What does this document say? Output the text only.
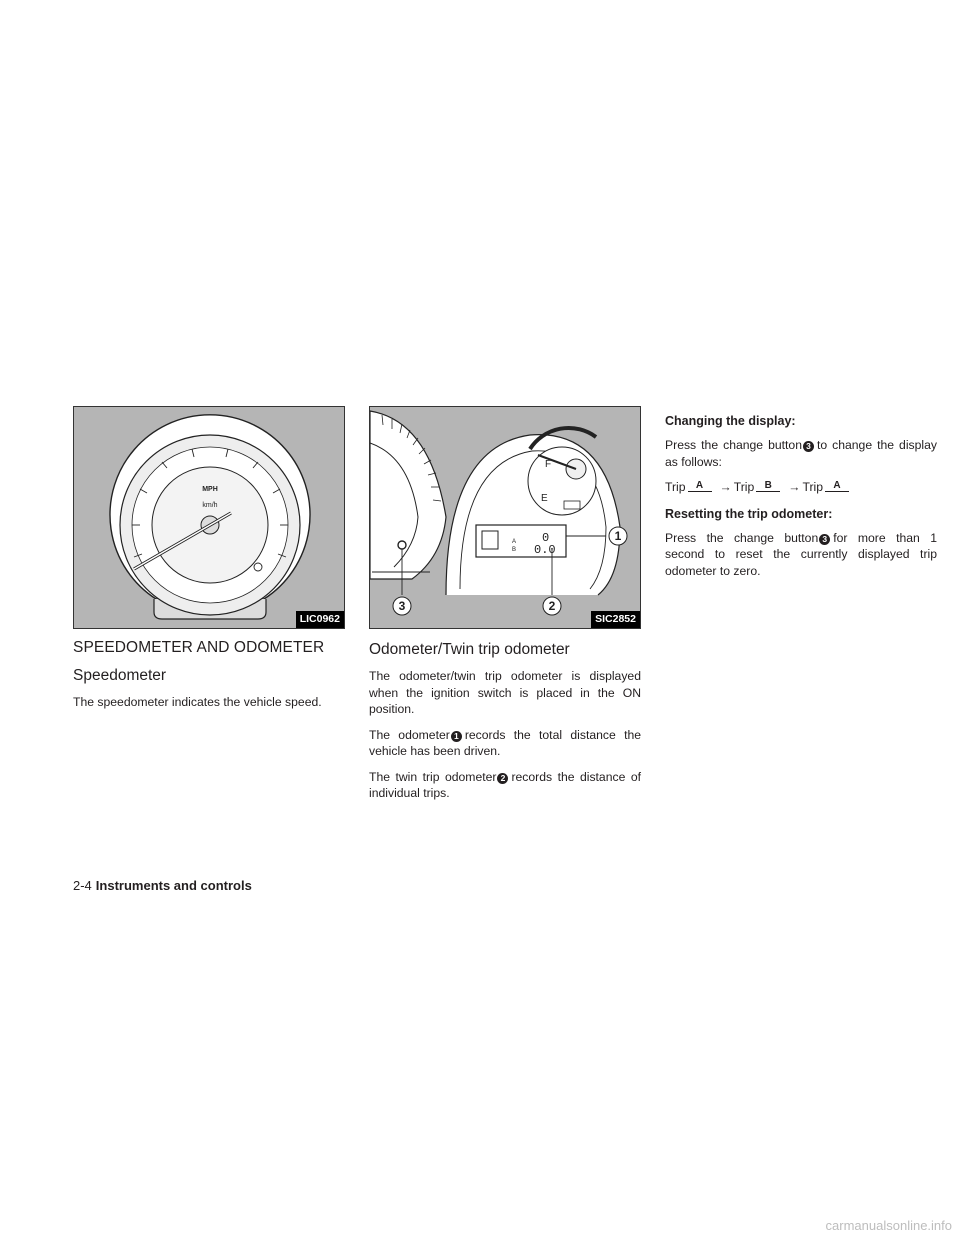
MPH
km/h
LIC0962
SPEEDOMETER AND ODOMETER
Speedometer

The speedometer indicates the vehicle speed.

F
E
A
B
0
0.0
1
2
3
SIC2852
Odometer/Twin trip odometer

The odometer/twin trip odometer is displayed when the ignition switch is placed in the ON position.

The odometer 1 records the total distance the vehicle has been driven.

The twin trip odometer 2 records the distance of individual trips.

Changing the display:

Press the change button 3 to change the display as follows:

Trip A → Trip B → Trip A

Resetting the trip odometer:

Press the change button 3 for more than 1 second to reset the currently displayed trip odometer to zero.

2-4 Instruments and controls
carmanualsonline.info
